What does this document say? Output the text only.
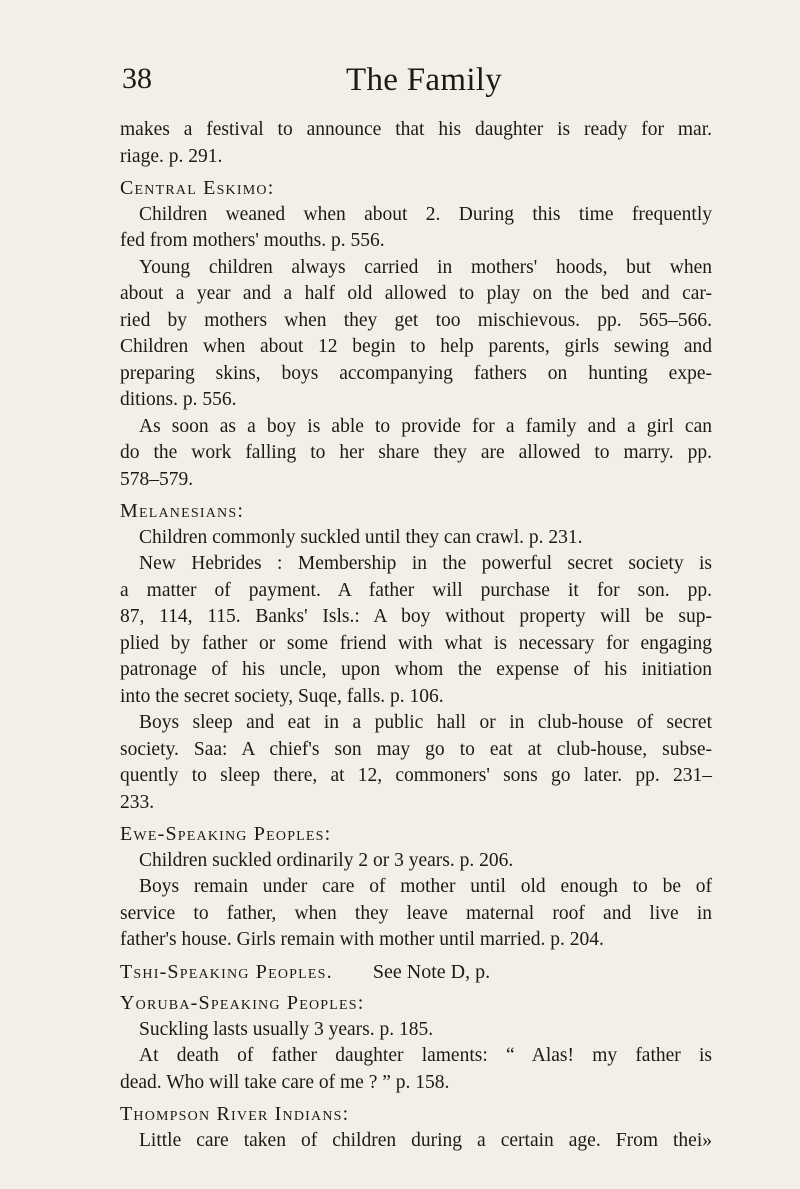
38	The Family
makes a festival to announce that his daughter is ready for mar.
riage. p. 291.
Central Eskimo:
Children weaned when about 2. During this time frequently
fed from mothers' mouths. p. 556.
Young children always carried in mothers' hoods, but when
about a year and a half old allowed to play on the bed and car-
ried by mothers when they get too mischievous. pp. 565–566.
Children when about 12 begin to help parents, girls sewing and
preparing skins, boys accompanying fathers on hunting expe-
ditions. p. 556.
As soon as a boy is able to provide for a family and a girl can
do the work falling to her share they are allowed to marry. pp.
578–579.
Melanesians:
Children commonly suckled until they can crawl. p. 231.
New Hebrides : Membership in the powerful secret society is
a matter of payment. A father will purchase it for son. pp.
87, 114, 115. Banks' Isls.: A boy without property will be sup-
plied by father or some friend with what is necessary for engaging
patronage of his uncle, upon whom the expense of his initiation
into the secret society, Suqe, falls. p. 106.
Boys sleep and eat in a public hall or in club-house of secret
society. Saa: A chief's son may go to eat at club-house, subse-
quently to sleep there, at 12, commoners' sons go later. pp. 231–
233.
Ewe-Speaking Peoples:
Children suckled ordinarily 2 or 3 years. p. 206.
Boys remain under care of mother until old enough to be of
service to father, when they leave maternal roof and live in
father's house. Girls remain with mother until married. p. 204.
Tshi-Speaking Peoples. See Note D, p.
Yoruba-Speaking Peoples:
Suckling lasts usually 3 years. p. 185.
At death of father daughter laments: “ Alas! my father is
dead. Who will take care of me ? ” p. 158.
Thompson River Indians:
Little care taken of children during a certain age. From thei»
